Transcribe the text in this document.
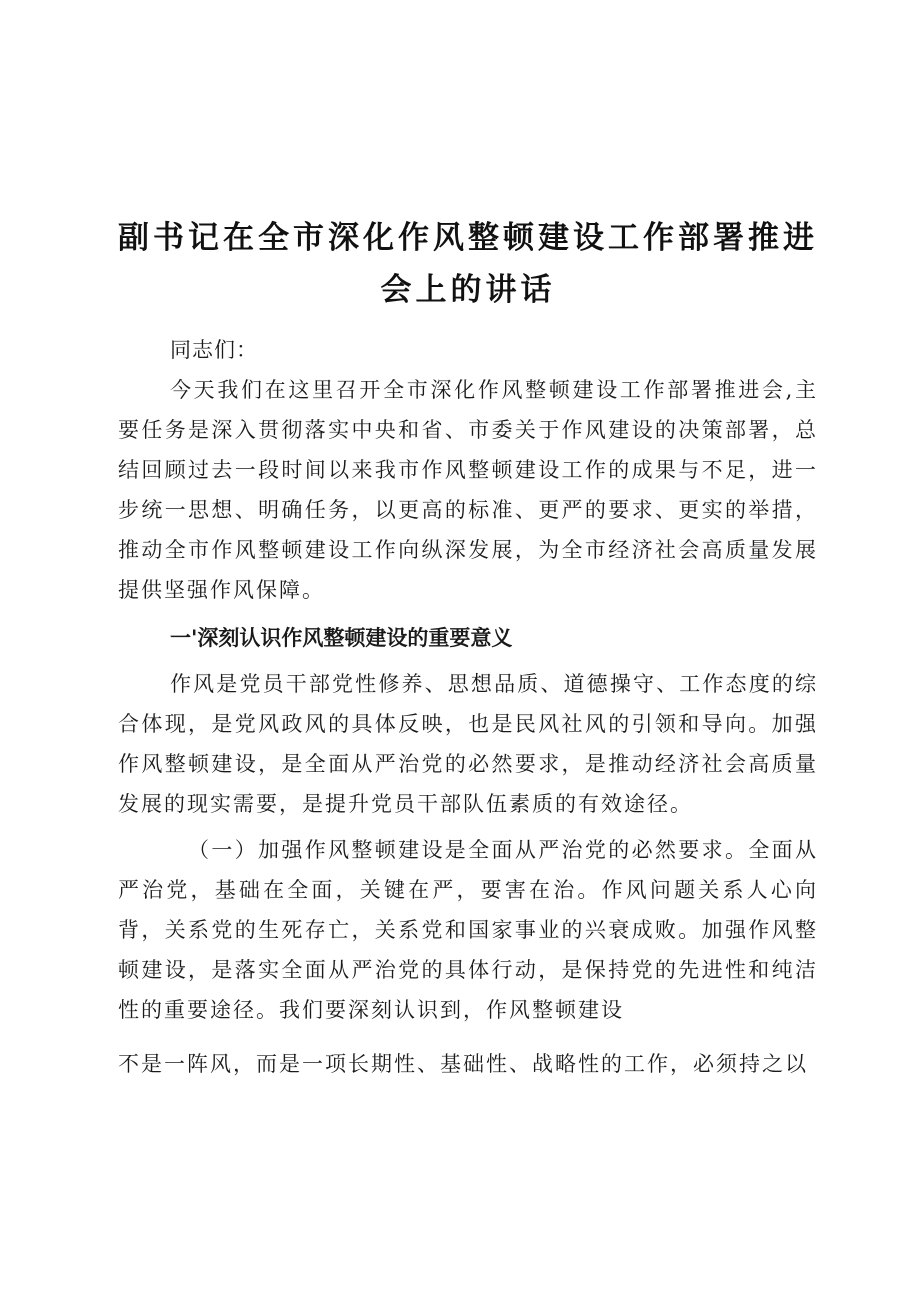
副书记在全市深化作风整顿建设工作部署推进会上的讲话

同志们：

今天我们在这里召开全市深化作风整顿建设工作部署推进会,主要任务是深入贯彻落实中央和省、市委关于作风建设的决策部署，总结回顾过去一段时间以来我市作风整顿建设工作的成果与不足，进一步统一思想、明确任务，以更高的标准、更严的要求、更实的举措，推动全市作风整顿建设工作向纵深发展，为全市经济社会高质量发展提供坚强作风保障。

一'深刻认识作风整顿建设的重要意义

作风是党员干部党性修养、思想品质、道德操守、工作态度的综合体现，是党风政风的具体反映，也是民风社风的引领和导向。加强作风整顿建设，是全面从严治党的必然要求，是推动经济社会高质量发展的现实需要，是提升党员干部队伍素质的有效途径。

（一）加强作风整顿建设是全面从严治党的必然要求。全面从严治党，基础在全面，关键在严，要害在治。作风问题关系人心向背，关系党的生死存亡，关系党和国家事业的兴衰成败。加强作风整顿建设，是落实全面从严治党的具体行动，是保持党的先进性和纯洁性的重要途径。我们要深刻认识到，作风整顿建设

不是一阵风，而是一项长期性、基础性、战略性的工作，必须持之以
